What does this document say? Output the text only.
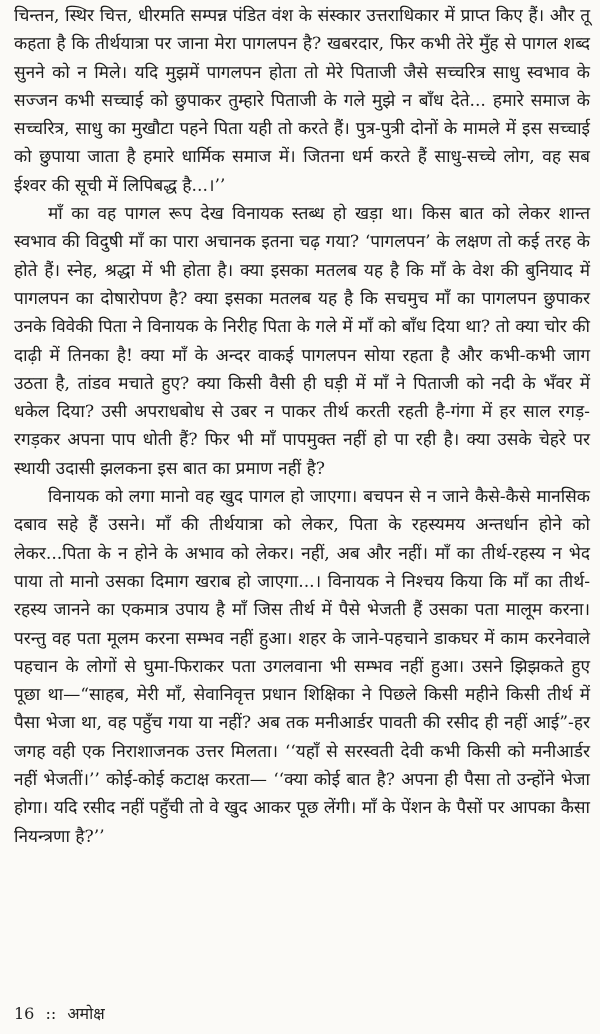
चिन्तन, स्थिर चित्त, धीरमति सम्पन्न पंडित वंश के संस्कार उत्तराधिकार में प्राप्त किए हैं। और तू कहता है कि तीर्थयात्रा पर जाना मेरा पागलपन है? खबरदार, फिर कभी तेरे मुँह से पागल शब्द सुनने को न मिले। यदि मुझमें पागलपन होता तो मेरे पिताजी जैसे सच्चरित्र साधु स्वभाव के सज्जन कभी सच्चाई को छुपाकर तुम्हारे पिताजी के गले मुझे न बाँध देते... हमारे समाज के सच्चरित्र, साधु का मुखौटा पहने पिता यही तो करते हैं। पुत्र-पुत्री दोनों के मामले में इस सच्चाई को छुपाया जाता है हमारे धार्मिक समाज में। जितना धर्म करते हैं साधु-सच्चे लोग, वह सब ईश्वर की सूची में लिपिबद्ध है...।’’

माँ का वह पागल रूप देख विनायक स्तब्ध हो खड़ा था। किस बात को लेकर शान्त स्वभाव की विदुषी माँ का पारा अचानक इतना चढ़ गया? ‘पागलपन’ के लक्षण तो कई तरह के होते हैं। स्नेह, श्रद्धा में भी होता है। क्या इसका मतलब यह है कि माँ के वेश की बुनियाद में पागलपन का दोषारोपण है? क्या इसका मतलब यह है कि सचमुच माँ का पागलपन छुपाकर उनके विवेकी पिता ने विनायक के निरीह पिता के गले में माँ को बाँध दिया था? तो क्या चोर की दाढ़ी में तिनका है! क्या माँ के अन्दर वाकई पागलपन सोया रहता है और कभी-कभी जाग उठता है, तांडव मचाते हुए? क्या किसी वैसी ही घड़ी में माँ ने पिताजी को नदी के भँवर में धकेल दिया? उसी अपराधबोध से उबर न पाकर तीर्थ करती रहती है-गंगा में हर साल रगड़-रगड़कर अपना पाप धोती हैं? फिर भी माँ पापमुक्त नहीं हो पा रही है। क्या उसके चेहरे पर स्थायी उदासी झलकना इस बात का प्रमाण नहीं है?

विनायक को लगा मानो वह खुद पागल हो जाएगा। बचपन से न जाने कैसे-कैसे मानसिक दबाव सहे हैं उसने। माँ की तीर्थयात्रा को लेकर, पिता के रहस्यमय अन्तर्धान होने को लेकर...पिता के न होने के अभाव को लेकर। नहीं, अब और नहीं। माँ का तीर्थ-रहस्य न भेद पाया तो मानो उसका दिमाग खराब हो जाएगा...। विनायक ने निश्चय किया कि माँ का तीर्थ-रहस्य जानने का एकमात्र उपाय है माँ जिस तीर्थ में पैसे भेजती हैं उसका पता मालूम करना। परन्तु वह पता मूलम करना सम्भव नहीं हुआ। शहर के जाने-पहचाने डाकघर में काम करनेवाले पहचान के लोगों से घुमा-फिराकर पता उगलवाना भी सम्भव नहीं हुआ। उसने झिझकते हुए पूछा था—“साहब, मेरी माँ, सेवानिवृत्त प्रधान शिक्षिका ने पिछले किसी महीने किसी तीर्थ में पैसा भेजा था, वह पहुँच गया या नहीं? अब तक मनीआर्डर पावती की रसीद ही नहीं आई”-हर जगह वही एक निराशाजनक उत्तर मिलता। ‘‘यहाँ से सरस्वती देवी कभी किसी को मनीआर्डर नहीं भेजतीं।’’ कोई-कोई कटाक्ष करता— ‘‘क्या कोई बात है? अपना ही पैसा तो उन्होंने भेजा होगा। यदि रसीद नहीं पहुँची तो वे खुद आकर पूछ लेंगी। माँ के पेंशन के पैसों पर आपका कैसा नियन्त्रणा है?’’

16 :: अमोक्ष
